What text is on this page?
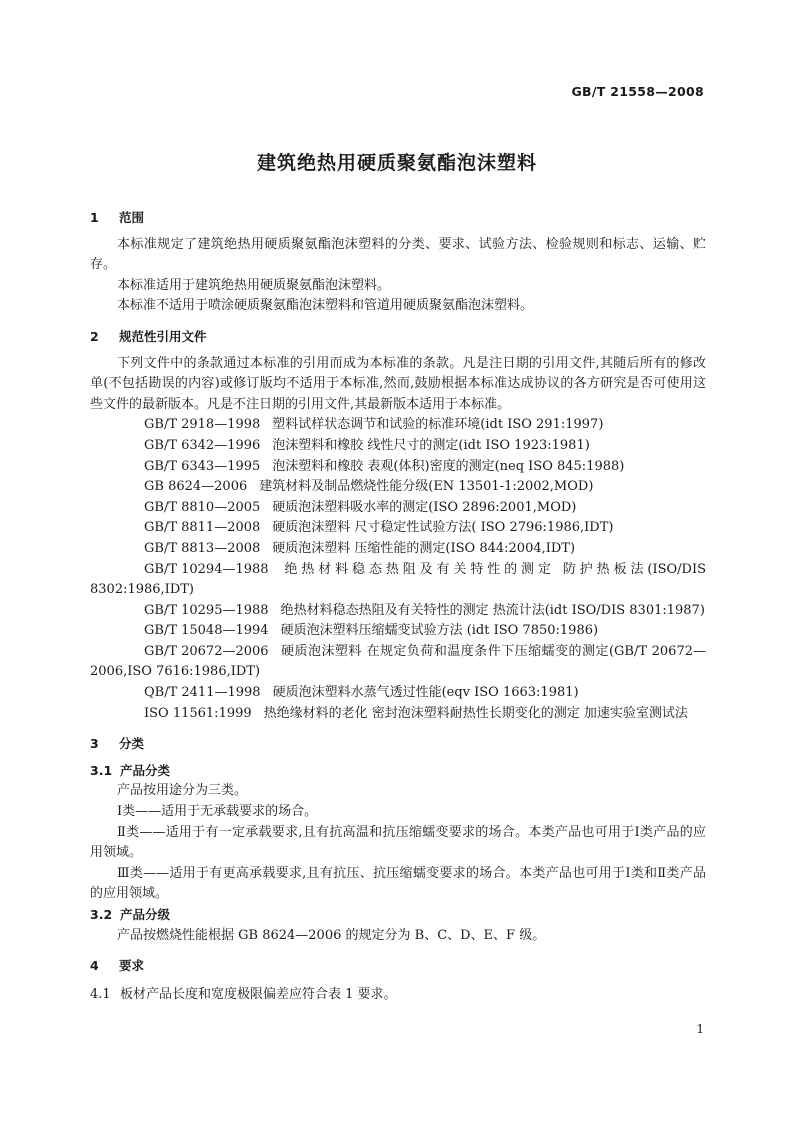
GB/T 21558—2008
建筑绝热用硬质聚氨酯泡沫塑料
1 范围

本标准规定了建筑绝热用硬质聚氨酯泡沫塑料的分类、要求、试验方法、检验规则和标志、运输、贮存。

本标准适用于建筑绝热用硬质聚氨酯泡沫塑料。

本标准不适用于喷涂硬质聚氨酯泡沫塑料和管道用硬质聚氨酯泡沫塑料。

2 规范性引用文件

下列文件中的条款通过本标准的引用而成为本标准的条款。凡是注日期的引用文件,其随后所有的修改单(不包括勘误的内容)或修订版均不适用于本标准,然而,鼓励根据本标准达成协议的各方研究是否可使用这些文件的最新版本。凡是不注日期的引用文件,其最新版本适用于本标准。

GB/T 2918—1998 塑料试样状态调节和试验的标准环境(idt ISO 291:1997)

GB/T 6342—1996 泡沫塑料和橡胶 线性尺寸的测定(idt ISO 1923:1981)

GB/T 6343—1995 泡沫塑料和橡胶 表观(体积)密度的测定(neq ISO 845:1988)

GB 8624—2006 建筑材料及制品燃烧性能分级(EN 13501-1:2002,MOD)

GB/T 8810—2005 硬质泡沫塑料吸水率的测定(ISO 2896:2001,MOD)

GB/T 8811—2008 硬质泡沫塑料 尺寸稳定性试验方法( ISO 2796:1986,IDT)

GB/T 8813—2008 硬质泡沫塑料 压缩性能的测定(ISO 844:2004,IDT)

GB/T 10294—1988 绝热材料稳态热阻及有关特性的测定 防护热板法(ISO/DIS 8302:1986,IDT)

GB/T 10295—1988 绝热材料稳态热阻及有关特性的测定 热流计法(idt ISO/DIS 8301:1987)

GB/T 15048—1994 硬质泡沫塑料压缩蠕变试验方法 (idt ISO 7850:1986)

GB/T 20672—2006 硬质泡沫塑料 在规定负荷和温度条件下压缩蠕变的测定(GB/T 20672—2006,ISO 7616:1986,IDT)

QB/T 2411—1998 硬质泡沫塑料水蒸气透过性能(eqv ISO 1663:1981)

ISO 11561:1999 热绝缘材料的老化 密封泡沫塑料耐热性长期变化的测定 加速实验室测试法

3 分类
3.1 产品分类

产品按用途分为三类。

Ⅰ类——适用于无承载要求的场合。

Ⅱ类——适用于有一定承载要求,且有抗高温和抗压缩蠕变要求的场合。本类产品也可用于Ⅰ类产品的应用领域。

Ⅲ类——适用于有更高承载要求,且有抗压、抗压缩蠕变要求的场合。本类产品也可用于Ⅰ类和Ⅱ类产品的应用领域。

3.2 产品分级

产品按燃烧性能根据 GB 8624—2006 的规定分为 B、C、D、E、F 级。

4 要求
4.1 板材产品长度和宽度极限偏差应符合表 1 要求。
1
